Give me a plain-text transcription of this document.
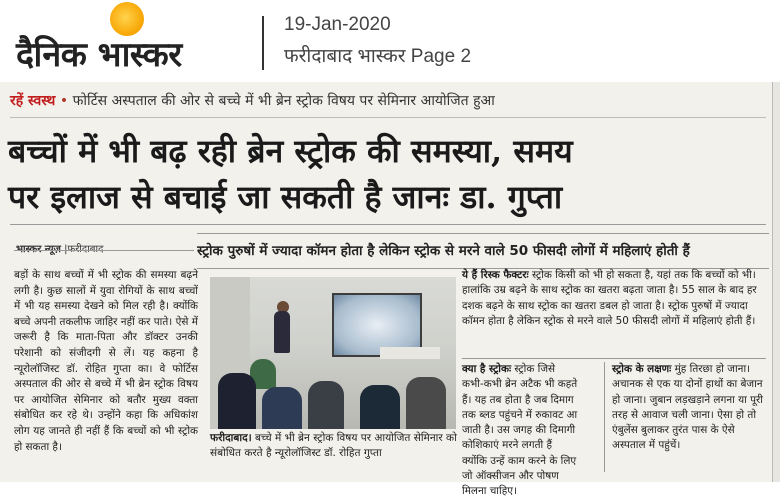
दैनिक भास्कर
19-Jan-2020
फरीदाबाद भास्कर Page 2
रहें स्वस्थ • फोर्टिस अस्पताल की ओर से बच्चे में भी ब्रेन स्ट्रोक विषय पर सेमिनार आयोजित हुआ
बच्चों में भी बढ़ रही ब्रेन स्ट्रोक की समस्या, समय
पर इलाज से बचाई जा सकती है जानः डा. गुप्ता
स्ट्रोक पुरुषों में ज्यादा कॉमन होता है लेकिन स्ट्रोक से मरने वाले 50 फीसदी लोगों में महिलाएं होती हैं
बड़ों के साथ बच्चों में भी स्ट्रोक की समस्या बढ़ने लगी है। कुछ सालों में युवा रोगियों के साथ बच्चों में भी यह समस्या देखने को मिल रही है। क्योंकि बच्चे अपनी तकलीफ जाहिर नहीं कर पाते। ऐसे में जरूरी है कि माता-पिता और डॉक्टर उनकी परेशानी को संजीदगी से लें। यह कहना है न्यूरोलॉजिस्ट डॉ. रोहित गुप्ता का। वे फोर्टिस अस्पताल की ओर से बच्चे में भी ब्रेन स्ट्रोक विषय पर आयोजित सेमिनार को बतौर मुख्य वक्ता संबोधित कर रहे थे। उन्होंने कहा कि अधिकांश लोग यह जानते ही नहीं हैं कि बच्चों को भी स्ट्रोक हो सकता है।
फरीदाबाद। बच्चे में भी ब्रेन स्ट्रोक विषय पर आयोजित सेमिनार को संबोधित करते है न्यूरोलॉजिस्ट डॉ. रोहित गुप्ता
ये हैं रिस्क फैक्टरः स्ट्रोक किसी को भी हो सकता है, यहां तक कि बच्चों को भी। हालांकि उम्र बढ़ने के साथ स्ट्रोक का खतरा बढ़ता जाता है। 55 साल के बाद हर दशक बढ़ने के साथ स्ट्रोक का खतरा डबल हो जाता है। स्ट्रोक पुरुषों में ज्यादा कॉमन होता है लेकिन स्ट्रोक से मरने वाले 50 फीसदी लोगों में महिलाएं होती हैं।
क्या है स्ट्रोकः स्ट्रोक जिसे कभी-कभी ब्रेन अटैक भी कहते हैं। यह तब होता है जब दिमाग तक ब्लड पहुंचने में रुकावट आ जाती है। उस जगह की दिमागी कोशिकाएं मरने लगती हैं क्योंकि उन्हें काम करने के लिए जो ऑक्सीजन और पोषण मिलना चाहिए।
स्ट्रोक के लक्षणः मुंह तिरछा हो जाना। अचानक से एक या दोनों हाथों का बेजान हो जाना। जुबान लड़खड़ाने लगना या पूरी तरह से आवाज चली जाना। ऐसा हो तो एंबुलेंस बुलाकर तुरंत पास के ऐसे अस्पताल में पहुंचें।
